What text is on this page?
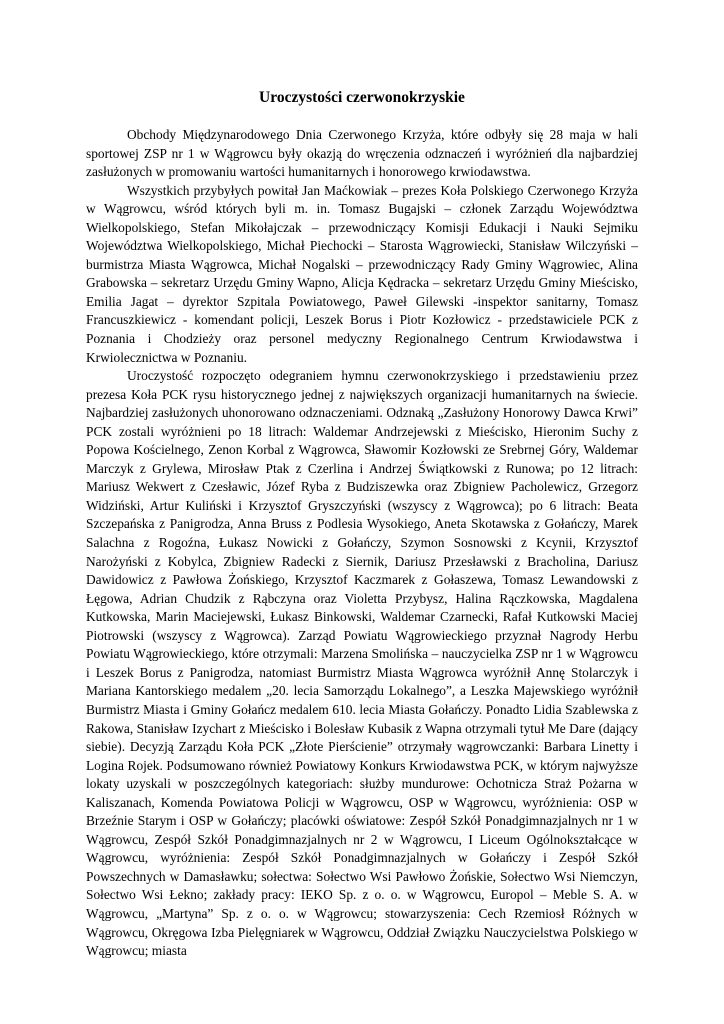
Uroczystości czerwonokrzyskie

Obchody Międzynarodowego Dnia Czerwonego Krzyża, które odbyły się 28 maja w hali sportowej ZSP nr 1 w Wągrowcu były okazją do wręczenia odznaczeń i wyróżnień dla najbardziej zasłużonych w promowaniu wartości humanitarnych i honorowego krwiodawstwa.

Wszystkich przybyłych powitał Jan Maćkowiak – prezes Koła Polskiego Czerwonego Krzyża w Wągrowcu, wśród których byli m. in. Tomasz Bugajski – członek Zarządu Województwa Wielkopolskiego, Stefan Mikołajczak – przewodniczący Komisji Edukacji i Nauki Sejmiku Województwa Wielkopolskiego, Michał Piechocki – Starosta Wągrowiecki, Stanisław Wilczyński – burmistrza Miasta Wągrowca, Michał Nogalski – przewodniczący Rady Gminy Wągrowiec, Alina Grabowska – sekretarz Urzędu Gminy Wapno, Alicja Kędracka – sekretarz Urzędu Gminy Mieścisko, Emilia Jagat – dyrektor Szpitala Powiatowego, Paweł Gilewski -inspektor sanitarny, Tomasz Francuszkiewicz - komendant policji, Leszek Borus i Piotr Kozłowicz - przedstawiciele PCK z Poznania i Chodzieży oraz personel medyczny Regionalnego Centrum Krwiodawstwa i Krwiolecznictwa w Poznaniu.

Uroczystość rozpoczęto odegraniem hymnu czerwonokrzyskiego i przedstawieniu przez prezesa Koła PCK rysu historycznego jednej z największych organizacji humanitarnych na świecie. Najbardziej zasłużonych uhonorowano odznaczeniami. Odznaką „Zasłużony Honorowy Dawca Krwi” PCK zostali wyróżnieni po 18 litrach: Waldemar Andrzejewski z Mieścisko, Hieronim Suchy z Popowa Kościelnego, Zenon Korbal z Wągrowca, Sławomir Kozłowski ze Srebrnej Góry, Waldemar Marczyk z Grylewa, Mirosław Ptak z Czerlina i Andrzej Świątkowski z Runowa; po 12 litrach: Mariusz Wekwert z Czesławic, Józef Ryba z Budziszewka oraz Zbigniew Pacholewicz, Grzegorz Widziński, Artur Kuliński i Krzysztof Gryszczyński (wszyscy z Wągrowca); po 6 litrach: Beata Szczepańska z Panigrodza, Anna Bruss z Podlesia Wysokiego, Aneta Skotawska z Gołańczy, Marek Salachna z Rogoźna, Łukasz Nowicki z Gołańczy, Szymon Sosnowski z Kcynii, Krzysztof Narożyński z Kobylca, Zbigniew Radecki z Siernik, Dariusz Przesławski z Bracholina, Dariusz Dawidowicz z Pawłowa Żońskiego, Krzysztof Kaczmarek z Gołaszewa, Tomasz Lewandowski z Łęgowa, Adrian Chudzik z Rąbczyna oraz Violetta Przybysz, Halina Rączkowska, Magdalena Kutkowska, Marin Maciejewski, Łukasz Binkowski, Waldemar Czarnecki, Rafał Kutkowski Maciej Piotrowski (wszyscy z Wągrowca). Zarząd Powiatu Wągrowieckiego przyznał Nagrody Herbu Powiatu Wągrowieckiego, które otrzymali: Marzena Smolińska – nauczycielka ZSP nr 1 w Wągrowcu i Leszek Borus z Panigrodza, natomiast Burmistrz Miasta Wągrowca wyróżnił Annę Stolarczyk i Mariana Kantorskiego medalem „20. lecia Samorządu Lokalnego”, a Leszka Majewskiego wyróżnił Burmistrz Miasta i Gminy Gołańcz medalem 610. lecia Miasta Gołańczy. Ponadto Lidia Szablewska z Rakowa, Stanisław Izychart z Mieścisko i Bolesław Kubasik z Wapna otrzymali tytuł Me Dare (dający siebie). Decyzją Zarządu Koła PCK „Złote Pierścienie” otrzymały wągrowczanki: Barbara Linetty i Logina Rojek. Podsumowano również Powiatowy Konkurs Krwiodawstwa PCK, w którym najwyższe lokaty uzyskali w poszczególnych kategoriach: służby mundurowe: Ochotnicza Straż Pożarna w Kaliszanach, Komenda Powiatowa Policji w Wągrowcu, OSP w Wągrowcu, wyróżnienia: OSP w Brzeźnie Starym i OSP w Gołańczy; placówki oświatowe: Zespół Szkół Ponadgimnazjalnych nr 1 w Wągrowcu, Zespół Szkół Ponadgimnazjalnych nr 2 w Wągrowcu, I Liceum Ogólnokształcące w Wągrowcu, wyróżnienia: Zespół Szkół Ponadgimnazjalnych w Gołańczy i Zespół Szkół Powszechnych w Damasławku; sołectwa: Sołectwo Wsi Pawłowo Żońskie, Sołectwo Wsi Niemczyn, Sołectwo Wsi Łekno; zakłady pracy: IEKO Sp. z o. o. w Wągrowcu, Europol – Meble S. A. w Wągrowcu, „Martyna” Sp. z o. o. w Wągrowcu; stowarzyszenia: Cech Rzemiosł Różnych w Wągrowcu, Okręgowa Izba Pielęgniarek w Wągrowcu, Oddział Związku Nauczycielstwa Polskiego w Wągrowcu; miasta
